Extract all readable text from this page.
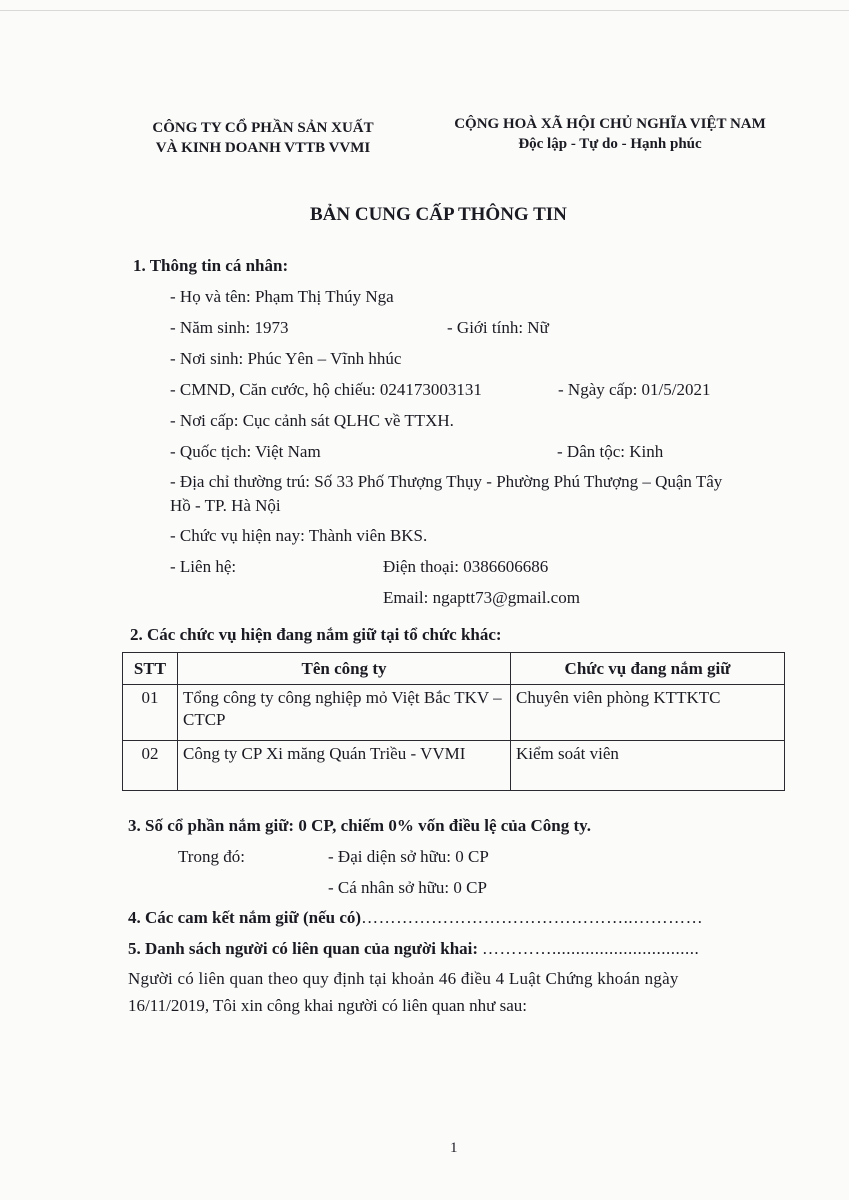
CÔNG TY CỔ PHẦN SẢN XUẤT
VÀ KINH DOANH VTTB VVMI
CỘNG HOÀ XÃ HỘI CHỦ NGHĨA VIỆT NAM
Độc lập - Tự do - Hạnh phúc
BẢN CUNG CẤP THÔNG TIN
1. Thông tin cá nhân:
- Họ và tên: Phạm Thị Thúy Nga
- Năm sinh: 1973	- Giới tính: Nữ
- Nơi sinh: Phúc Yên – Vĩnh hhúc
- CMND, Căn cước, hộ chiếu: 024173003131	- Ngày cấp: 01/5/2021
- Nơi cấp: Cục cảnh sát QLHC về TTXH.
- Quốc tịch: Việt Nam	- Dân tộc: Kinh
- Địa chỉ thường trú: Số 33 Phố Thượng Thụy - Phường Phú Thượng – Quận Tây
Hồ - TP. Hà Nội
- Chức vụ hiện nay: Thành viên BKS.
- Liên hệ:	Điện thoại: 0386606686
Email: ngaptt73@gmail.com
2. Các chức vụ hiện đang nắm giữ tại tổ chức khác:
STT	Tên công ty	Chức vụ đang nắm giữ
01	Tổng công ty công nghiệp mỏ Việt Bắc TKV – CTCP	Chuyên viên phòng KTTKTC
02	Công ty CP Xi măng Quán Triều - VVMI	Kiểm soát viên
3. Số cổ phần nắm giữ: 0 CP, chiếm 0% vốn điều lệ của Công ty.
Trong đó:	- Đại diện sở hữu: 0 CP
- Cá nhân sở hữu: 0 CP
4. Các cam kết nắm giữ (nếu có)………………………………………..…………
5. Danh sách người có liên quan của người khai: …………...............................
Người có liên quan theo quy định tại khoản 46 điều 4 Luật Chứng khoán ngày
16/11/2019, Tôi xin công khai người có liên quan như sau:
1
